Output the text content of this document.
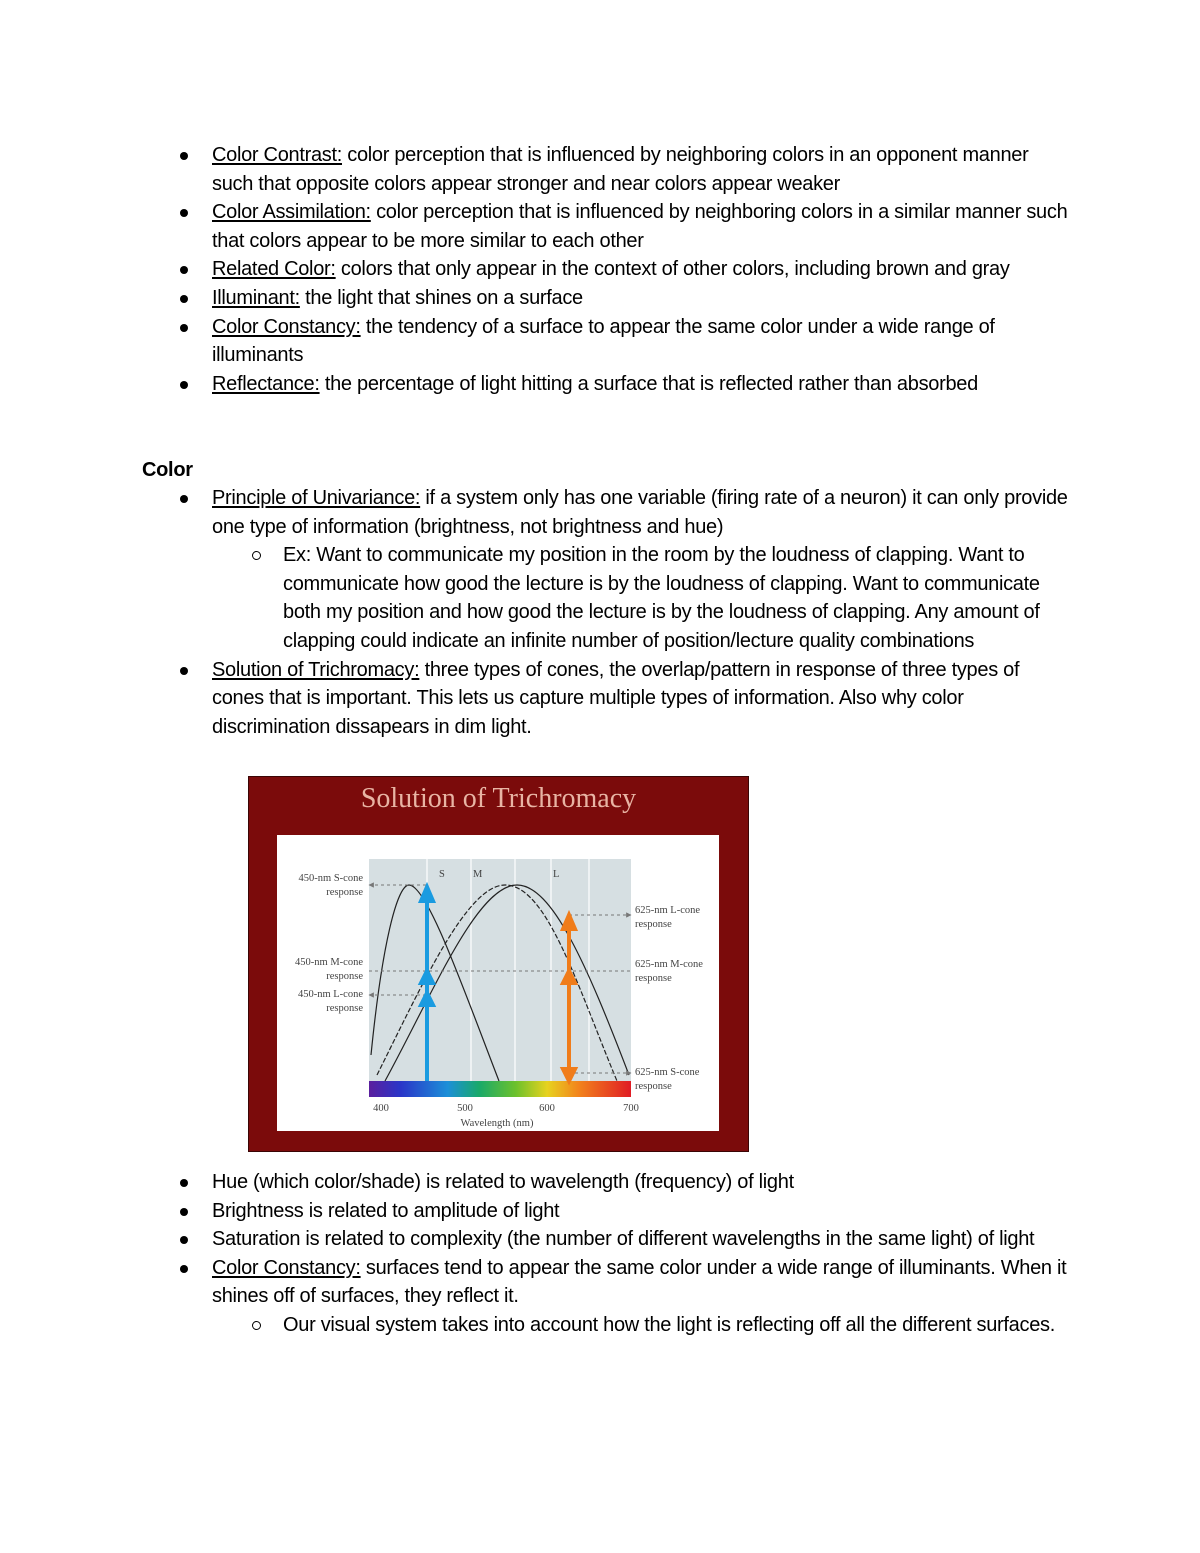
Color Contrast: color perception that is influenced by neighboring colors in an opponent manner such that opposite colors appear stronger and near colors appear weaker
Color Assimilation: color perception that is influenced by neighboring colors in a similar manner such that colors appear to be more similar to each other
Related Color: colors that only appear in the context of other colors, including brown and gray
Illuminant: the light that shines on a surface
Color Constancy: the tendency of a surface to appear the same color under a wide range of illuminants
Reflectance: the percentage of light hitting a surface that is reflected rather than absorbed
Color
Principle of Univariance: if a system only has one variable (firing rate of a neuron) it can only provide one type of information (brightness, not brightness and hue)
Ex: Want to communicate my position in the room by the loudness of clapping. Want to communicate how good the lecture is by the loudness of clapping. Want to communicate both my position and how good the lecture is by the loudness of clapping. Any amount of clapping could indicate an infinite number of position/lecture quality combinations
Solution of Trichromacy: three types of cones, the overlap/pattern in response of three types of cones that is important. This lets us capture multiple types of information. Also why color discrimination dissapears in dim light.
Solution of Trichromacy
S	M	L
450-nm S-cone
response
450-nm M-cone
response
450-nm L-cone
response
625-nm L-cone
response
625-nm M-cone
response
625-nm S-cone
response
400	500	600	700
Wavelength (nm)
Hue (which color/shade) is related to wavelength (frequency) of light
Brightness is related to amplitude of light
Saturation is related to complexity (the number of different wavelengths in the same light) of light
Color Constancy: surfaces tend to appear the same color under a wide range of illuminants. When it shines off of surfaces, they reflect it.
Our visual system takes into account how the light is reflecting off all the different surfaces.
